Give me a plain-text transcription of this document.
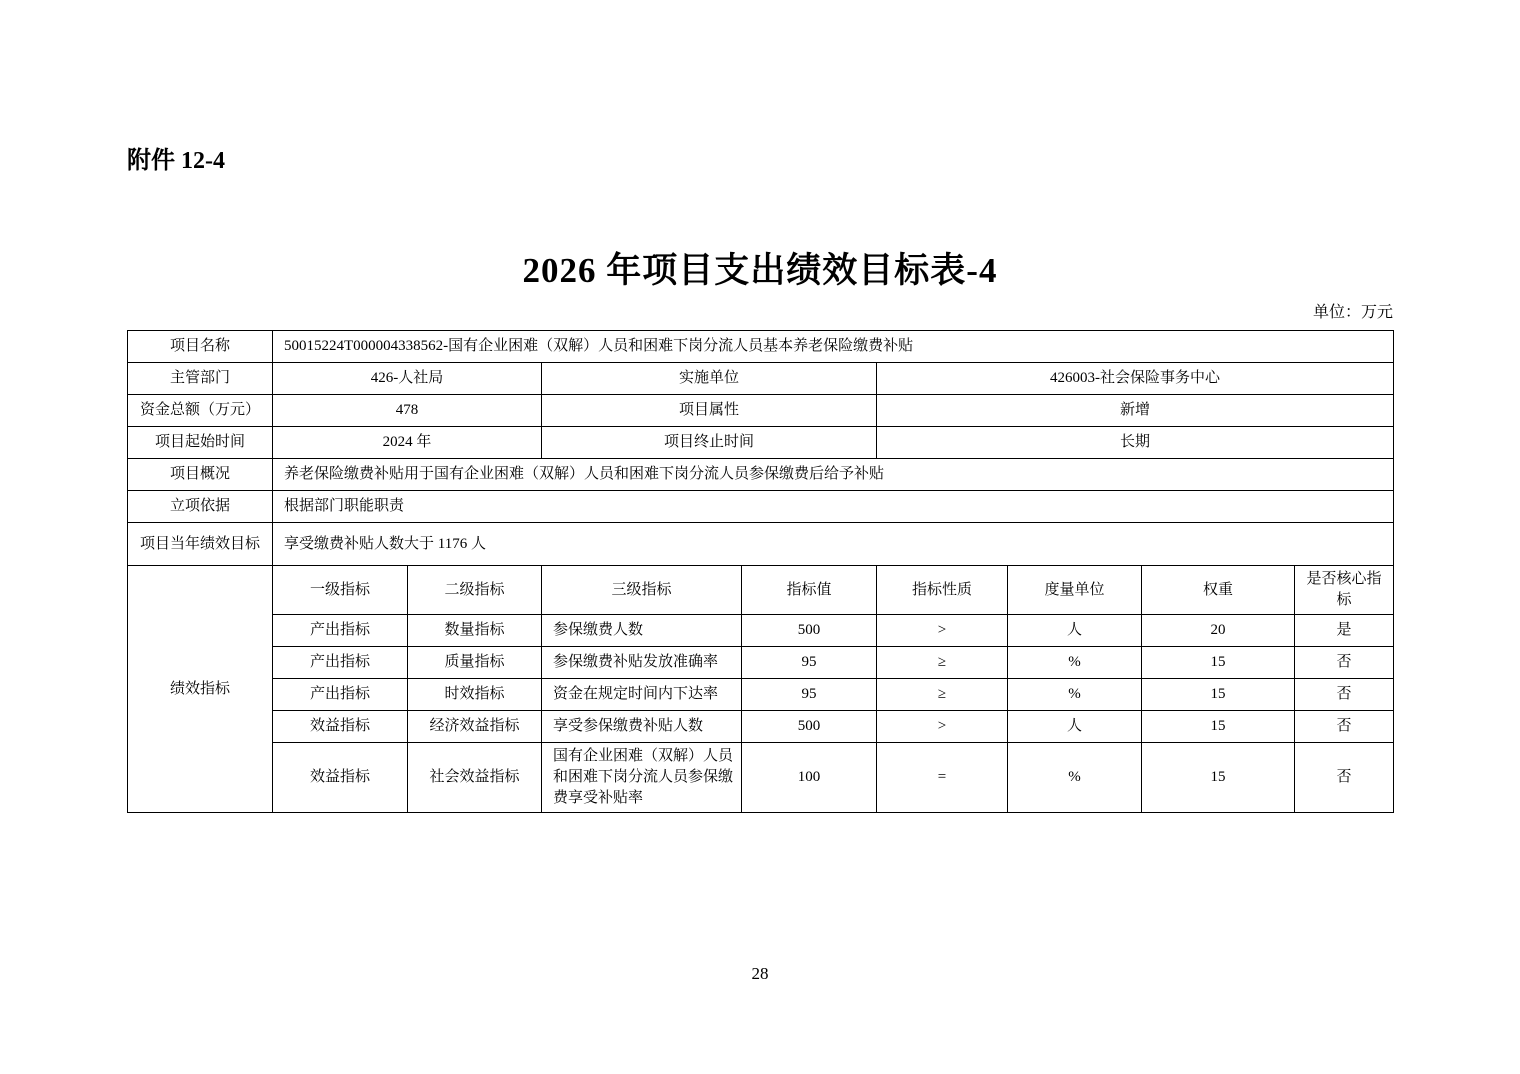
附件 12-4
2026 年项目支出绩效目标表-4
单位：万元
项目名称	50015224T000004338562-国有企业困难（双解）人员和困难下岗分流人员基本养老保险缴费补贴							
主管部门	426-人社局		实施单位		426003-社会保险事务中心			
资金总额（万元）	478		项目属性		新增			
项目起始时间	2024 年		项目终止时间		长期			
项目概况	养老保险缴费补贴用于国有企业困难（双解）人员和困难下岗分流人员参保缴费后给予补贴							
立项依据	根据部门职能职责							
项目当年绩效目标	享受缴费补贴人数大于 1176 人							
绩效指标	一级指标	二级指标	三级指标	指标值	指标性质	度量单位	权重	是否核心指标
	产出指标	数量指标	参保缴费人数	500	>	人	20	是
	产出指标	质量指标	参保缴费补贴发放准确率	95	≥	%	15	否
	产出指标	时效指标	资金在规定时间内下达率	95	≥	%	15	否
	效益指标	经济效益指标	享受参保缴费补贴人数	500	>	人	15	否
	效益指标	社会效益指标	国有企业困难（双解）人员和困难下岗分流人员参保缴费享受补贴率	100	=	%	15	否
28
